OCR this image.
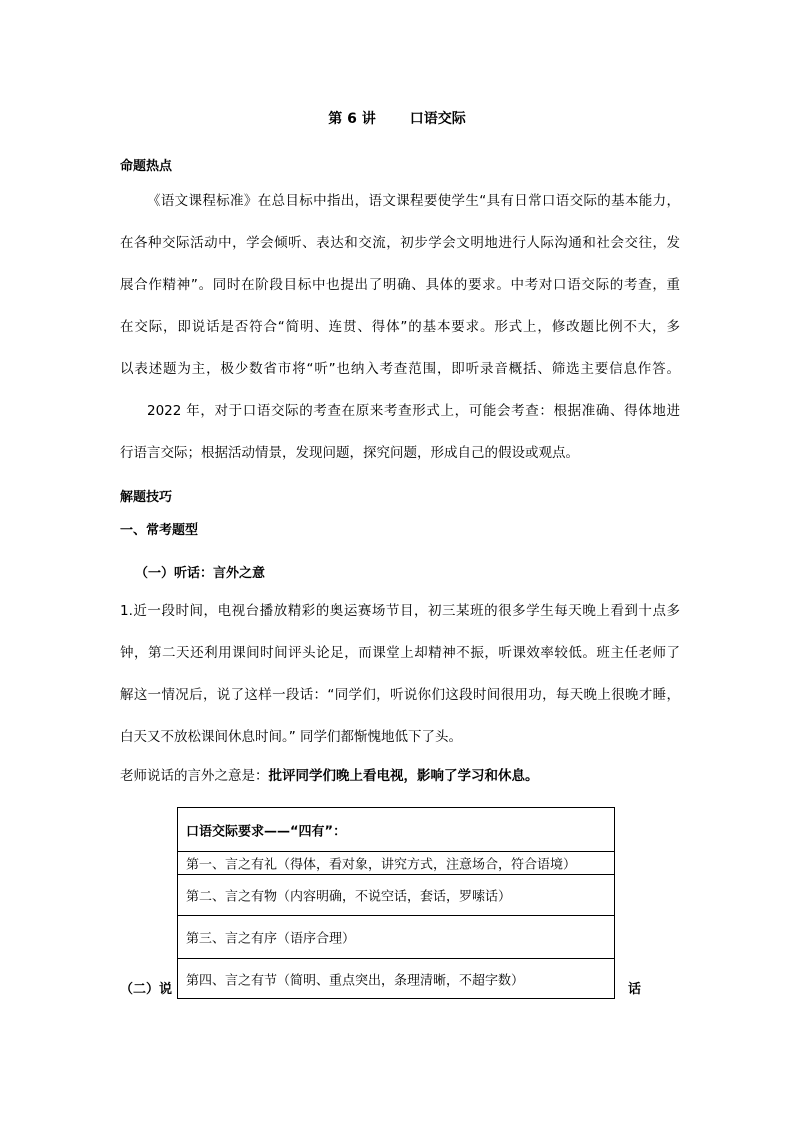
第 6 讲 口语交际
命题热点
《语文课程标准》在总目标中指出，语文课程要使学生“具有日常口语交际的基本能力，
在各种交际活动中，学会倾听、表达和交流，初步学会文明地进行人际沟通和社会交往，发
展合作精神”。同时在阶段目标中也提出了明确、具体的要求。中考对口语交际的考查，重
在交际，即说话是否符合“简明、连贯、得体”的基本要求。形式上，修改题比例不大，多
以表述题为主，极少数省市将“听”也纳入考查范围，即听录音概括、筛选主要信息作答。
2022 年，对于口语交际的考查在原来考查形式上，可能会考查：根据准确、得体地进
行语言交际；根据活动情景，发现问题，探究问题，形成自己的假设或观点。
解题技巧
一、常考题型
（一）听话：言外之意
1.近一段时间，电视台播放精彩的奥运赛场节目，初三某班的很多学生每天晚上看到十点多
钟，第二天还利用课间时间评头论足，而课堂上却精神不振，听课效率较低。班主任老师了
解这一情况后，说了这样一段话：“同学们，听说你们这段时间很用功，每天晚上很晚才睡，
白天又不放松课间休息时间。” 同学们都惭愧地低下了头。
老师说话的言外之意是：批评同学们晚上看电视，影响了学习和休息。
（二）说	话
口语交际要求——“四有”：
第一、言之有礼（得体，看对象，讲究方式，注意场合，符合语境）
第二、言之有物（内容明确，不说空话，套话，罗嗦话）
第三、言之有序（语序合理）
第四、言之有节（简明、重点突出，条理清晰，不超字数）
